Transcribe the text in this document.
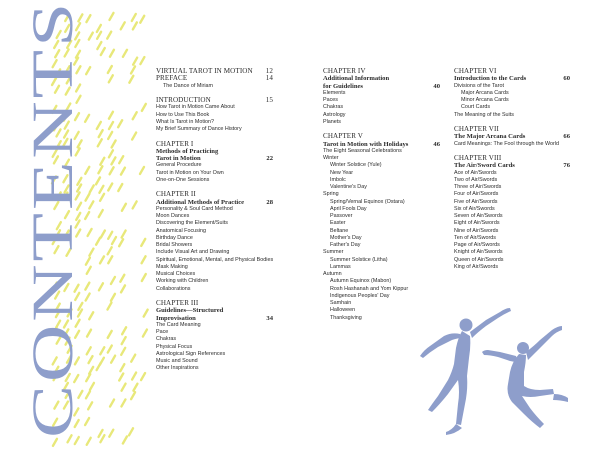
CONTENTS
VIRTUAL TAROT IN MOTION 12
PREFACE	14
The Dance of Miriam
INTRODUCTION	15
How Tarot in Motion Came About
How to Use This Book
What Is Tarot in Motion?
My Brief Summary of Dance History
CHAPTER I
Methods of Practicing
Tarot in Motion	22
General Procedure
Tarot in Motion on Your Own
One-on-One Sessions
CHAPTER II
Additional Methods of Practice	28
Personality & Soul Card Method
Moon Dances
Discovering the Element/Suits
Anatomical Focusing
Birthday Dance
Bridal Showers
Include Visual Art and Drawing
Spiritual, Emotional, Mental, and Physical Bodies
Mask Making
Musical Choices
Working with Children
Collaborations
CHAPTER III
Guidelines—Structured
Improvisation	34
The Card Meaning
Pace
Chakras
Physical Focus
Astrological Sign References
Music and Sound
Other Inspirations
CHAPTER IV
Additional Information
for Guidelines	40
Elements
Paces
Chakras
Astrology
Planets
CHAPTER V
Tarot in Motion with Holidays	46
The Eight Seasonal Celebrations
Winter
Winter Solstice (Yule)
New Year
Imbolc
Valentine's Day
Spring
Spring/Vernal Equinox (Ostara)
April Fools Day
Passover
Easter
Beltane
Mother's Day
Father's Day
Summer
Summer Solstice (Litha)
Lammas
Autumn
Autumn Equinox (Mabon)
Rosh Hashanah and Yom Kippur
Indigenous Peoples' Day
Samhain
Halloween
Thanksgiving
CHAPTER VI
Introduction to the Cards	60
Divisions of the Tarot
Major Arcana Cards
Minor Arcana Cards
Court Cards
The Meaning of the Suits
CHAPTER VII
The Major Arcana Cards	66
Card Meanings: The Fool through the World
CHAPTER VIII
The Air/Sword Cards	76
Ace of Air/Swords
Two of Air/Swords
Three of Air/Swords
Four of Air/Swords
Five of Air/Swords
Six of Air/Swords
Seven of Air/Swords
Eight of Air/Swords
Nine of Air/Swords
Ten of Air/Swords
Page of Air/Swords
Knight of Air/Swords
Queen of Air/Swords
King of Air/Swords
